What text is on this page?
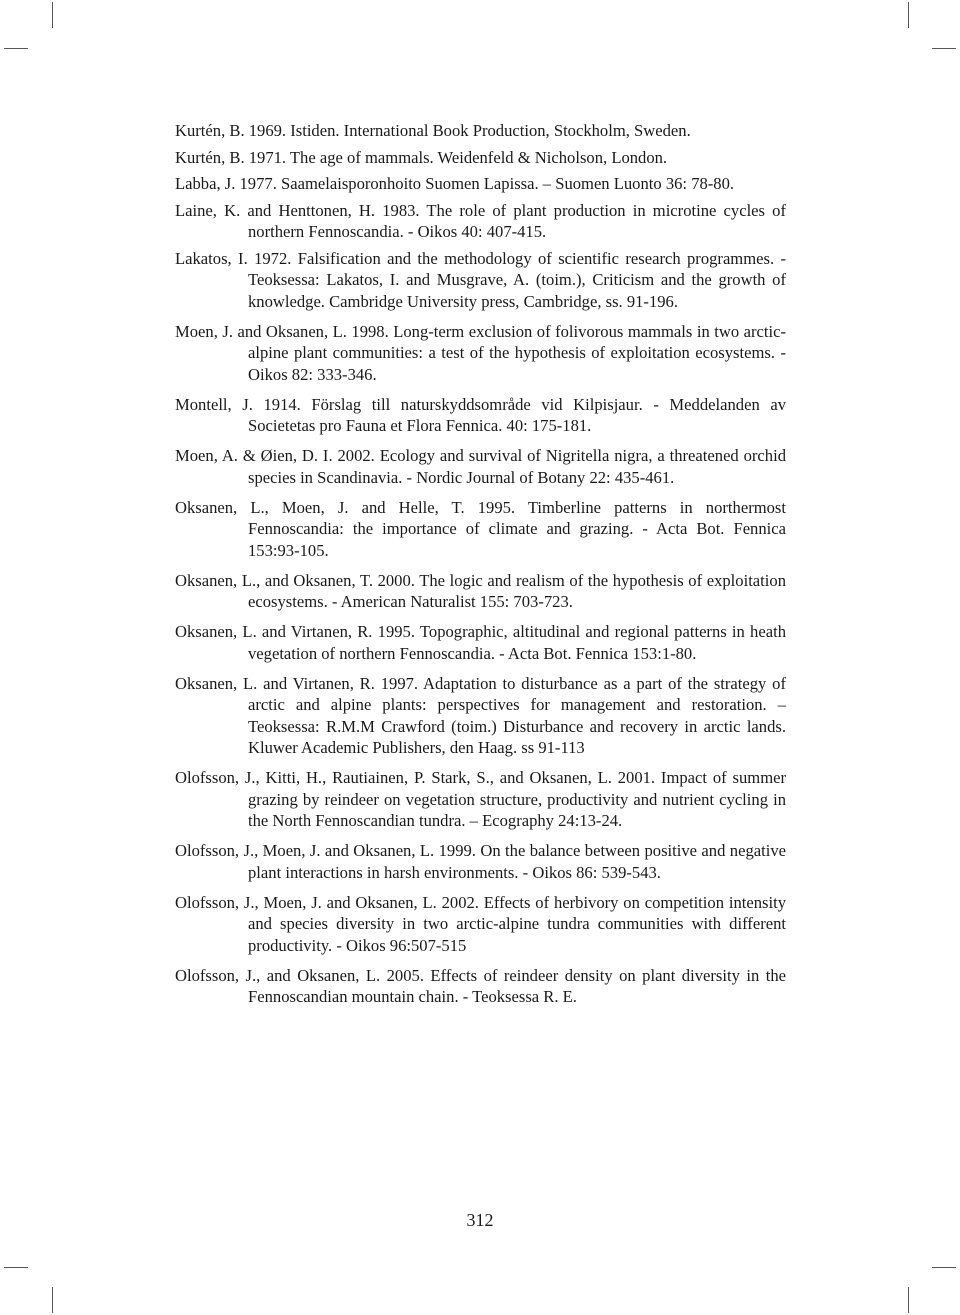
Kurtén, B. 1969. Istiden. International Book Production, Stockholm, Sweden.

Kurtén, B. 1971. The age of mammals. Weidenfeld & Nicholson, London.

Labba, J. 1977. Saamelaisporonhoito Suomen Lapissa. – Suomen Luonto 36: 78-80.

Laine, K. and Henttonen, H. 1983. The role of plant production in microtine cycles of northern Fennoscandia. - Oikos 40: 407-415.

Lakatos, I. 1972. Falsification and the methodology of scientific research programmes. - Teoksessa: Lakatos, I. and Musgrave, A. (toim.), Criticism and the growth of knowledge. Cambridge University press, Cambridge, ss. 91-196.

Moen, J. and Oksanen, L. 1998. Long-term exclusion of folivorous mammals in two arctic-alpine plant communities: a test of the hypothesis of exploitation ecosystems. - Oikos 82: 333-346.

Montell, J. 1914. Förslag till naturskyddsområde vid Kilpisjaur. - Meddelanden av Societetas pro Fauna et Flora Fennica. 40: 175-181.

Moen, A. & Øien, D. I. 2002. Ecology and survival of Nigritella nigra, a threatened orchid species in Scandinavia. - Nordic Journal of Botany 22: 435-461.

Oksanen, L., Moen, J. and Helle, T. 1995. Timberline patterns in northermost Fennoscandia: the importance of climate and grazing. - Acta Bot. Fennica 153:93-105.

Oksanen, L., and Oksanen, T. 2000. The logic and realism of the hypothesis of exploitation ecosystems. - American Naturalist 155: 703-723.

Oksanen, L. and Virtanen, R. 1995. Topographic, altitudinal and regional patterns in heath vegetation of northern Fennoscandia. - Acta Bot. Fennica 153:1-80.

Oksanen, L. and Virtanen, R. 1997. Adaptation to disturbance as a part of the strategy of arctic and alpine plants: perspectives for management and restoration. – Teoksessa: R.M.M Crawford (toim.) Disturbance and recovery in arctic lands. Kluwer Academic Publishers, den Haag. ss 91-113

Olofsson, J., Kitti, H., Rautiainen, P. Stark, S., and Oksanen, L. 2001. Impact of summer grazing by reindeer on vegetation structure, productivity and nutrient cycling in the North Fennoscandian tundra. – Ecography 24:13-24.

Olofsson, J., Moen, J. and Oksanen, L. 1999. On the balance between positive and negative plant interactions in harsh environments. - Oikos 86: 539-543.

Olofsson, J., Moen, J. and Oksanen, L. 2002. Effects of herbivory on competition intensity and species diversity in two arctic-alpine tundra communities with different productivity. - Oikos 96:507-515

Olofsson, J., and Oksanen, L. 2005. Effects of reindeer density on plant diversity in the Fennoscandian mountain chain. - Teoksessa R. E.

312
